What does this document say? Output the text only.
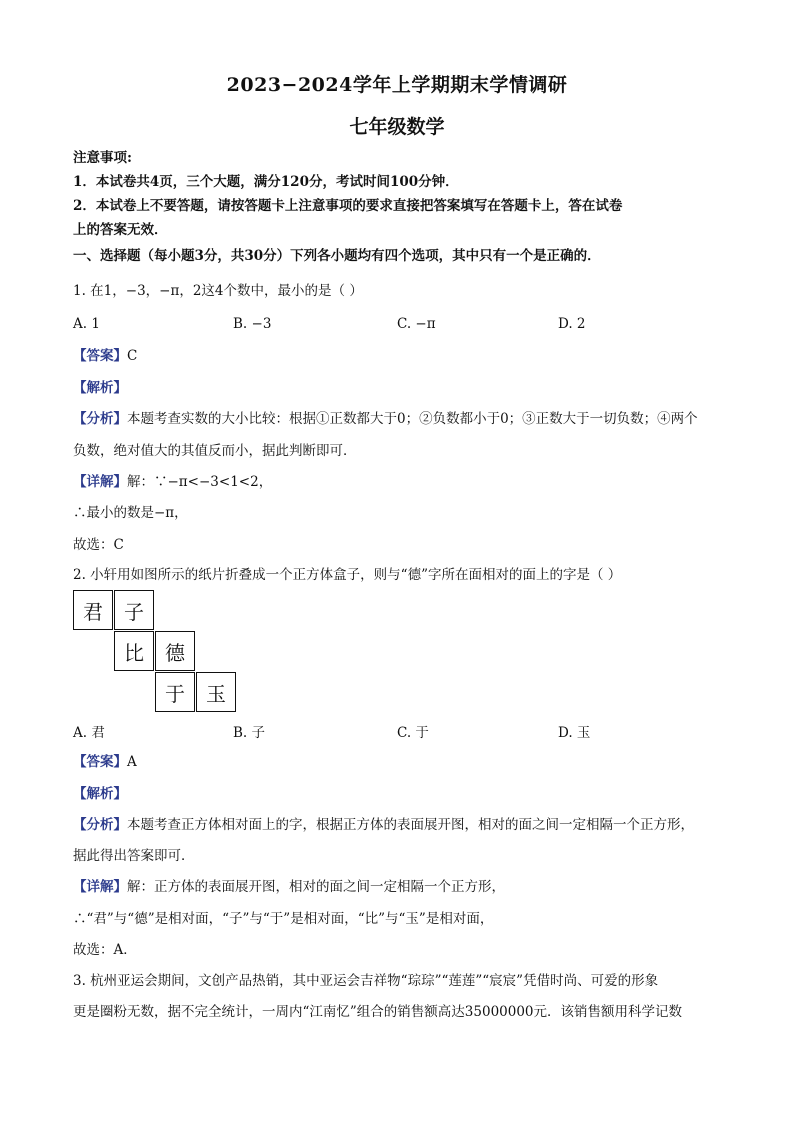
2023−2024学年上学期期末学情调研
七年级数学
注意事项:
1．本试卷共4页，三个大题，满分120分，考试时间100分钟．
2．本试卷上不要答题，请按答题卡上注意事项的要求直接把答案填写在答题卡上，答在试卷
上的答案无效．
一、选择题（每小题3分，共30分）下列各小题均有四个选项，其中只有一个是正确的．
1. 在1，−3，−π，2这4个数中，最小的是（ ）
A. 1	B. −3	C. −π	D. 2
【答案】C
【解析】
【分析】本题考查实数的大小比较：根据①正数都大于0；②负数都小于0；③正数大于一切负数；④两个
负数，绝对值大的其值反而小，据此判断即可．
【详解】解：∵−π<−3<1<2，
∴最小的数是−π，
故选：C
2. 小轩用如图所示的纸片折叠成一个正方体盒子，则与“德”字所在面相对的面上的字是（ ）
君	子
比	德
于	玉
A. 君	B. 子	C. 于	D. 玉
【答案】A
【解析】
【分析】本题考查正方体相对面上的字，根据正方体的表面展开图，相对的面之间一定相隔一个正方形，
据此得出答案即可．
【详解】解：正方体的表面展开图，相对的面之间一定相隔一个正方形，
∴“君”与“德”是相对面，“子”与“于”是相对面，“比”与“玉”是相对面，
故选：A．
3. 杭州亚运会期间，文创产品热销，其中亚运会吉祥物“琮琮”“莲莲”“宸宸”凭借时尚、可爱的形象
更是圈粉无数，据不完全统计，一周内“江南忆”组合的销售额高达35000000元．该销售额用科学记数
